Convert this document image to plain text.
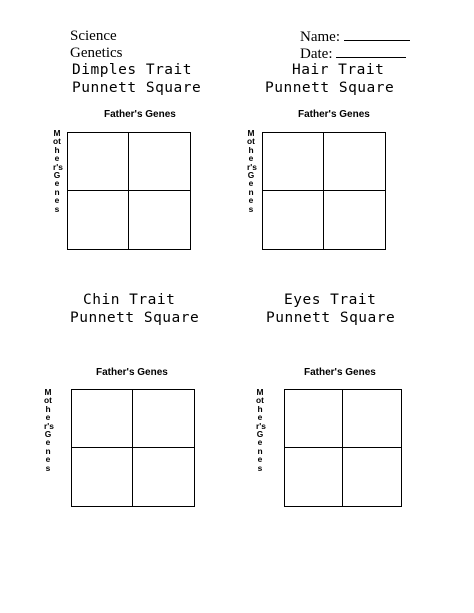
Science
Genetics
Name:
Date:
Dimples Trait
Punnett Square
Father's Genes
Mother's Genes
Hair Trait
Punnett Square
Father's Genes
Mother's Genes
Chin Trait
Punnett Square
Father's Genes
Mother's Genes
Eyes Trait
Punnett Square
Father's Genes
Mother's Genes
